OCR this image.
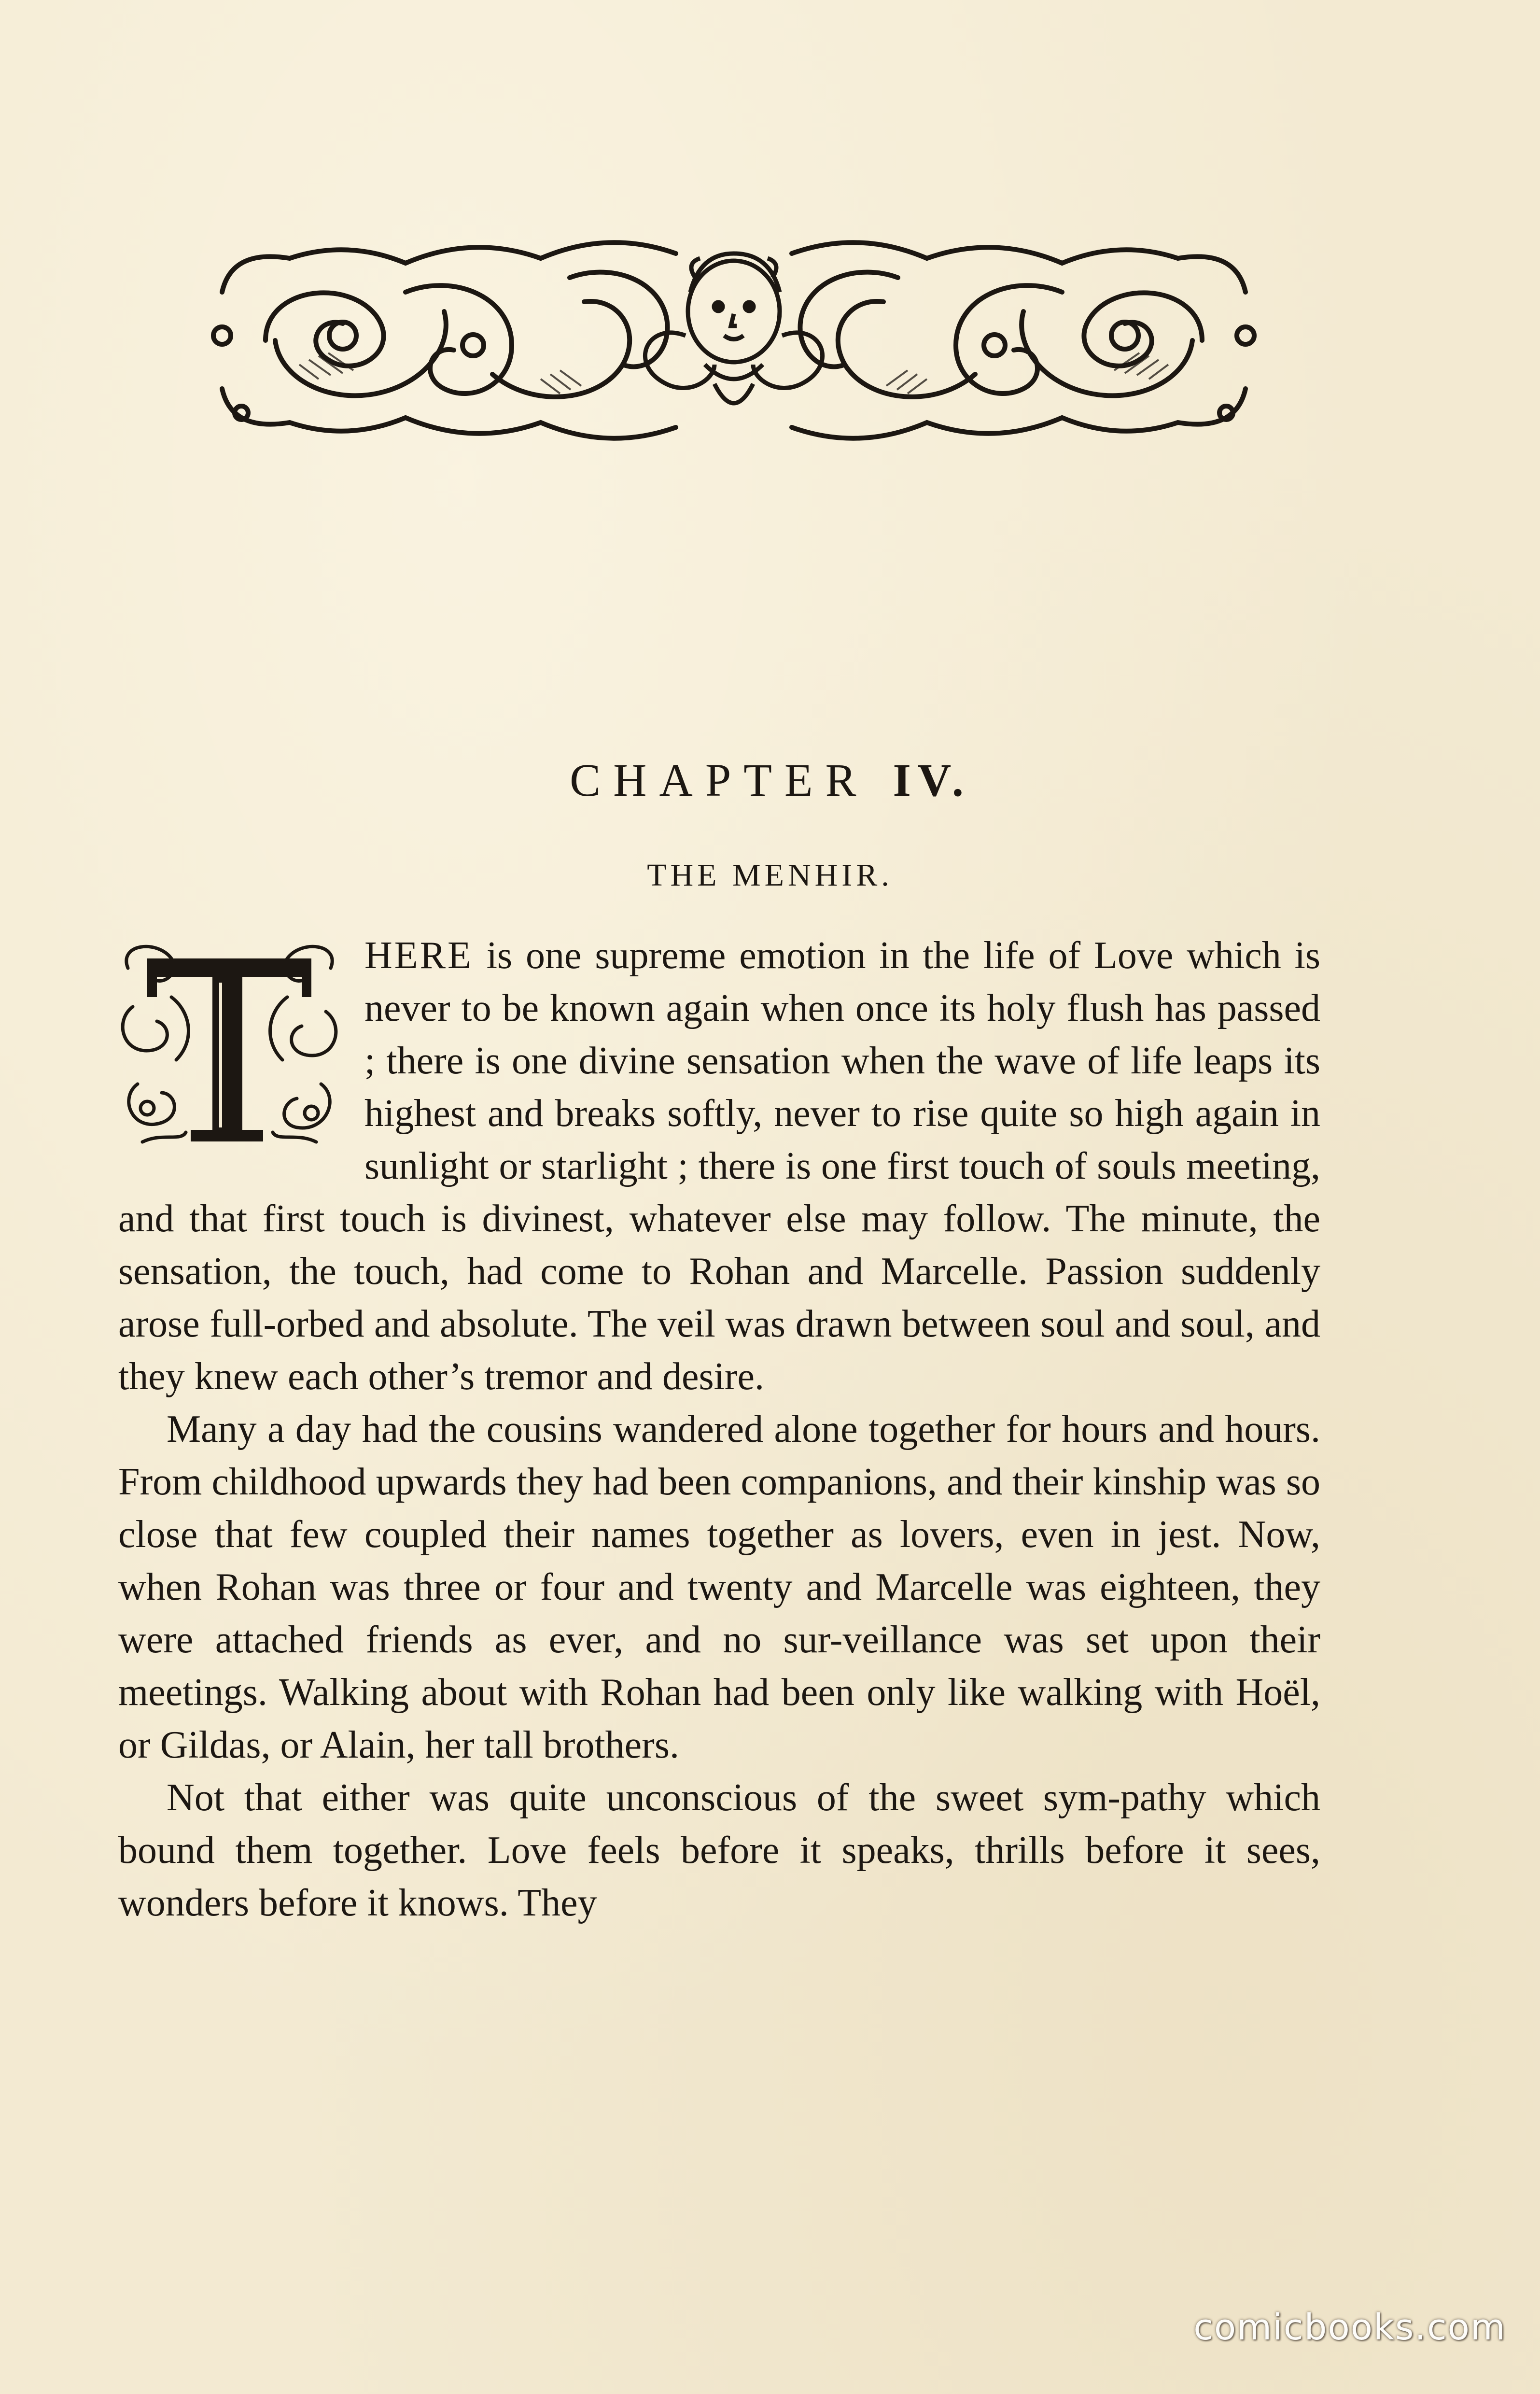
CHAPTER IV.
THE MENHIR.

HERE is one supreme emotion in the life of Love which is never to be known again when once its holy flush has passed ; there is one divine sensation when the wave of life leaps its highest and breaks softly, never to rise quite so high again in sunlight or starlight ; there is one first touch of souls meeting, and that first touch is divinest, whatever else may follow. The minute, the sensation, the touch, had come to Rohan and Marcelle. Passion suddenly arose full-orbed and absolute. The veil was drawn between soul and soul, and they knew each other’s tremor and desire.

Many a day had the cousins wandered alone together for hours and hours. From childhood upwards they had been companions, and their kinship was so close that few coupled their names together as lovers, even in jest. Now, when Rohan was three or four and twenty and Marcelle was eighteen, they were attached friends as ever, and no sur-veillance was set upon their meetings. Walking about with Rohan had been only like walking with Hoël, or Gildas, or Alain, her tall brothers.

Not that either was quite unconscious of the sweet sym-pathy which bound them together. Love feels before it speaks, thrills before it sees, wonders before it knows. They

comicbooks.com
